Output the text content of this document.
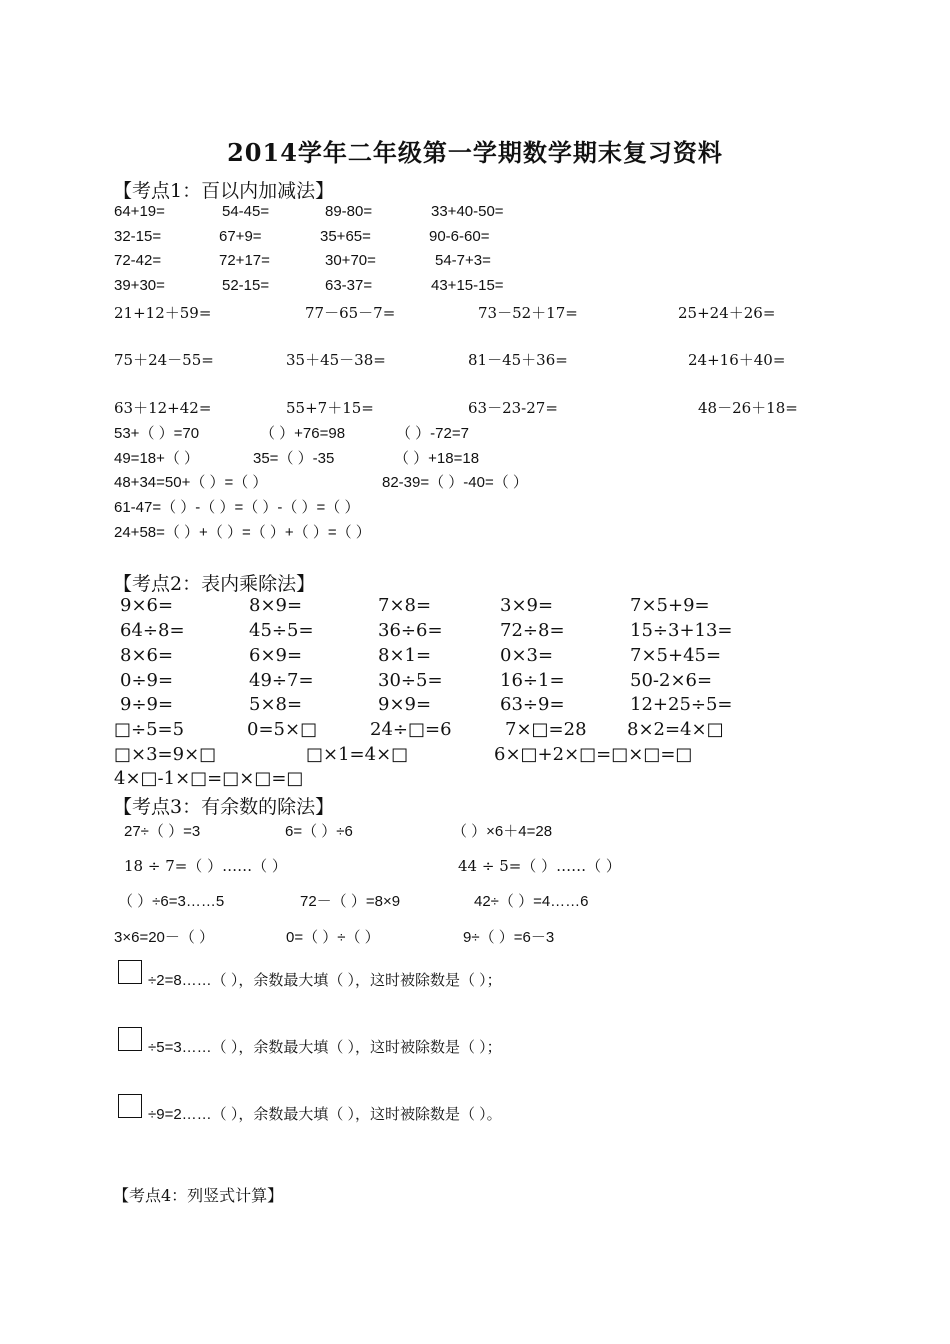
2014学年二年级第一学期数学期末复习资料
【考点1：百以内加减法】
64+19=	54-45=	89-80=	33+40-50=
32-15=	67+9=	35+65=	90-6-60=
72-42=	72+17=	30+70=	54-7+3=
39+30=	52-15=	63-37=	43+15-15=
21+12＋59=	77－65－7=	73－52＋17=	25+24＋26=
75＋24－55=	35＋45－38=	81－45＋36=	24+16＋40=
63＋12+42=	55+7＋15=	63－23-27=	48－26＋18=
53+（ ）=70	（ ）+76=98	（ ）-72=7
49=18+（ ）	35=（ ）-35	（ ）+18=18
48+34=50+（ ）=（ ）	82-39=（ ）-40=（ ）
61-47=（ ）-（ ）=（ ）-（ ）=（ ）
24+58=（ ）+（ ）=（ ）+（ ）=（ ）
【考点2：表内乘除法】
9×6=	8×9=	7×8=	3×9=	7×5+9=
64÷8=	45÷5=	36÷6=	72÷8=	15÷3+13=
8×6=	6×9=	8×1=	0×3=	7×5+45=
0÷9=	49÷7=	30÷5=	16÷1=	50-2×6=
9÷9=	5×8=	9×9=	63÷9=	12+25÷5=
□÷5=5	0=5×□	24÷□=6	7×□=28 8×2=4×□
□×3=9×□	□×1=4×□	6×□+2×□=□×□=□
4×□-1×□=□×□=□
【考点3：有余数的除法】
27÷（ ）=3	6=（ ）÷6	（ ）×6＋4=28
18 ÷ 7=（ ）……（ ）	44 ÷ 5=（ ）……（ ）
（ ）÷6=3……5	72－（ ）=8×9	42÷（ ）=4……6
3×6=20－（ ）	0=（ ）÷（ ）	9÷（ ）=6－3
÷2=8……（ ），余数最大填（ ），这时被除数是（ ）；
÷5=3……（ ），余数最大填（ ），这时被除数是（ ）；
÷9=2……（ ），余数最大填（ ），这时被除数是（ ）。
【考点4：列竖式计算】
